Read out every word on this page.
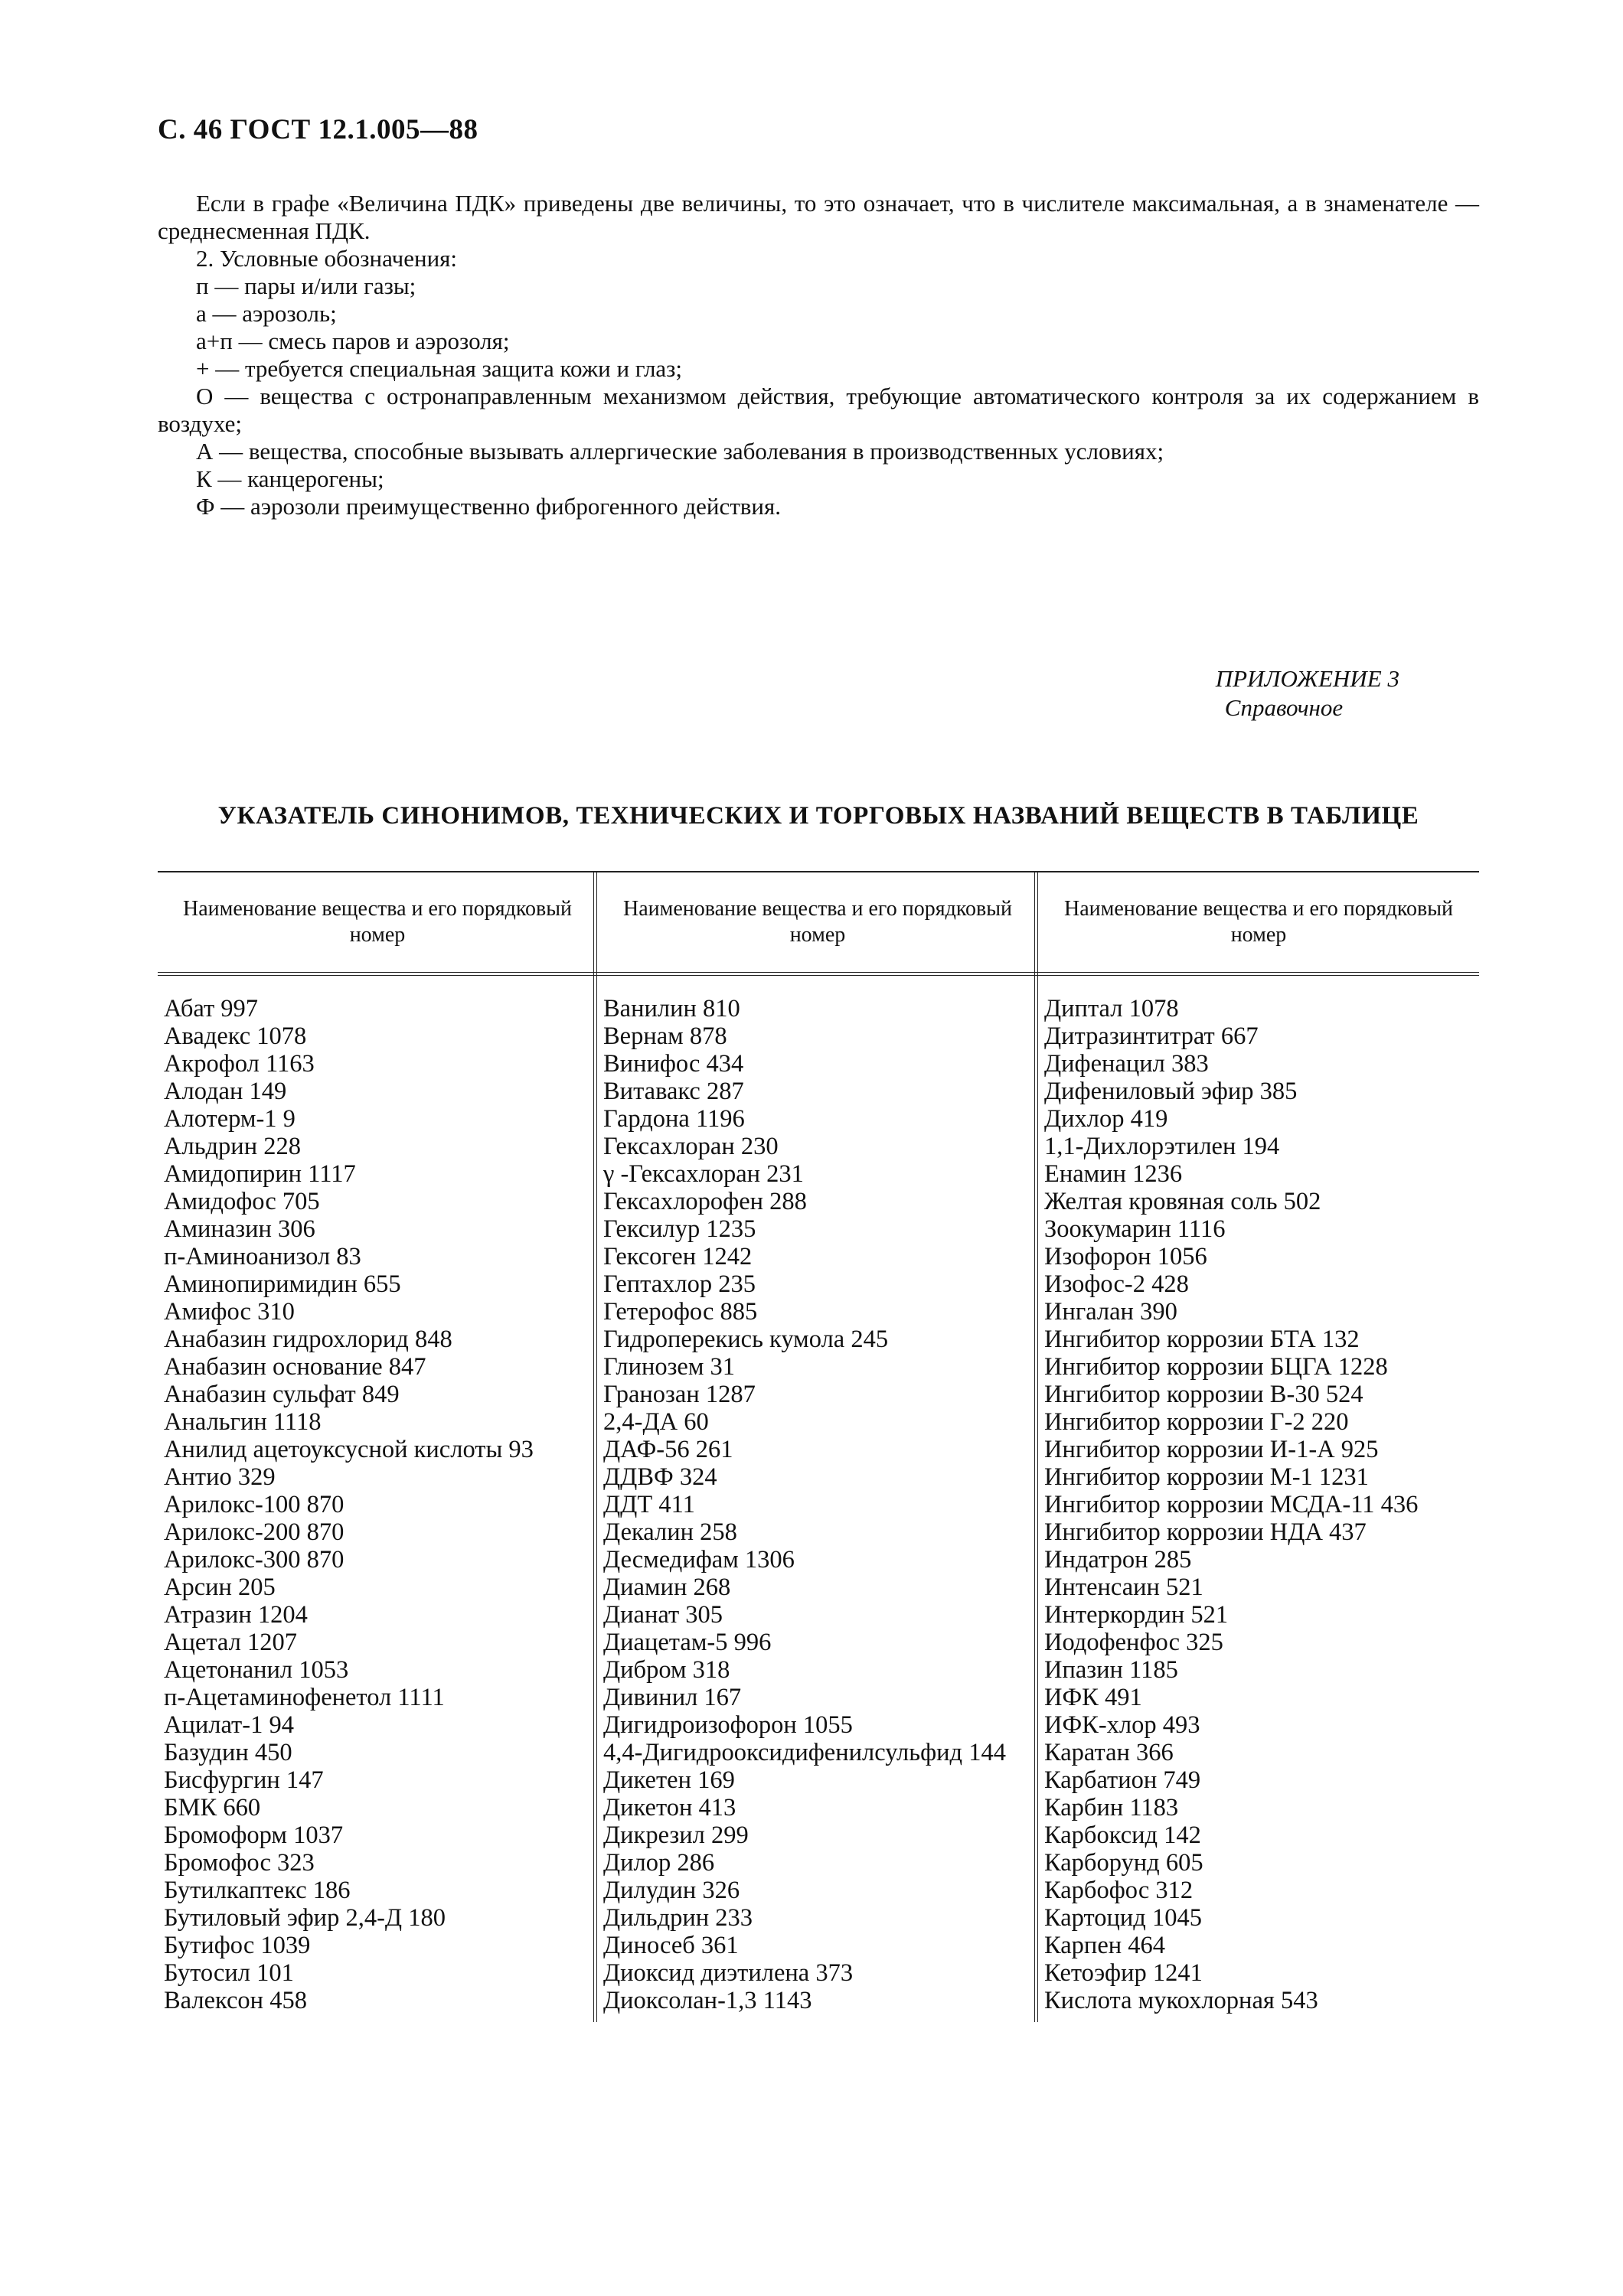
С. 46 ГОСТ 12.1.005—88

Если в графе «Величина ПДК» приведены две величины, то это означает, что в числителе максимальная, а в знаменателе — среднесменная ПДК.

2. Условные обозначения:

п — пары и/или газы;

а — аэрозоль;

а+п — смесь паров и аэрозоля;

+ — требуется специальная защита кожи и глаз;

О — вещества с остронаправленным механизмом действия, требующие автоматического контроля за их содержанием в воздухе;

А — вещества, способные вызывать аллергические заболевания в производственных условиях;

К — канцерогены;

Ф — аэрозоли преимущественно фиброгенного действия.

ПРИЛОЖЕНИЕ 3
Справочное
УКАЗАТЕЛЬ СИНОНИМОВ, ТЕХНИЧЕСКИХ И ТОРГОВЫХ НАЗВАНИЙ ВЕЩЕСТВ В ТАБЛИЦЕ
Наименование вещества и его порядковый номер
Абат 997
Авадекс 1078
Акрофол 1163
Алодан 149
Алотерм-1 9
Альдрин 228
Амидопирин 1117
Амидофос 705
Аминазин 306
п-Аминоанизол 83
Аминопиримидин 655
Амифос 310
Анабазин гидрохлорид 848
Анабазин основание 847
Анабазин сульфат 849
Анальгин 1118
Анилид ацетоуксусной кислоты 93
Антио 329
Арилокс-100 870
Арилокс-200 870
Арилокс-300 870
Арсин 205
Атразин 1204
Ацетал 1207
Ацетонанил 1053
п-Ацетаминофенетол 1111
Ацилат-1 94
Базудин 450
Бисфургин 147
БМК 660
Бромоформ 1037
Бромофос 323
Бутилкаптекс 186
Бутиловый эфир 2,4-Д 180
Бутифос 1039
Бутосил 101
Валексон 458
Наименование вещества и его порядковый номер
Ванилин 810
Вернам 878
Винифос 434
Витавакс 287
Гардона 1196
Гексахлоран 230
γ -Гексахлоран 231
Гексахлорофен 288
Гексилур 1235
Гексоген 1242
Гептахлор 235
Гетерофос 885
Гидроперекись кумола 245
Глинозем 31
Гранозан 1287
2,4-ДА 60
ДАФ-56 261
ДДВФ 324
ДДТ 411
Декалин 258
Десмедифам 1306
Диамин 268
Дианат 305
Диацетам-5 996
Дибром 318
Дивинил 167
Дигидроизофорон 1055
4,4-Дигидрооксидифенилсульфид 144
Дикетен 169
Дикетон 413
Дикрезил 299
Дилор 286
Дилудин 326
Дильдрин 233
Диносеб 361
Диоксид диэтилена 373
Диоксолан-1,3 1143
Наименование вещества и его порядковый номер
Диптал 1078
Дитразинтитрат 667
Дифенацил 383
Дифениловый эфир 385
Дихлор 419
1,1-Дихлорэтилен 194
Енамин 1236
Желтая кровяная соль 502
Зоокумарин 1116
Изофорон 1056
Изофос-2 428
Ингалан 390
Ингибитор коррозии БТА 132
Ингибитор коррозии БЦГА 1228
Ингибитор коррозии В-30 524
Ингибитор коррозии Г-2 220
Ингибитор коррозии И-1-А 925
Ингибитор коррозии М-1 1231
Ингибитор коррозии МСДА-11 436
Ингибитор коррозии НДА 437
Индатрон 285
Интенсаин 521
Интеркордин 521
Иодофенфос 325
Ипазин 1185
ИФК 491
ИФК-хлор 493
Каратан 366
Карбатион 749
Карбин 1183
Карбоксид 142
Карборунд 605
Карбофос 312
Картоцид 1045
Карпен 464
Кетоэфир 1241
Кислота мукохлорная 543
